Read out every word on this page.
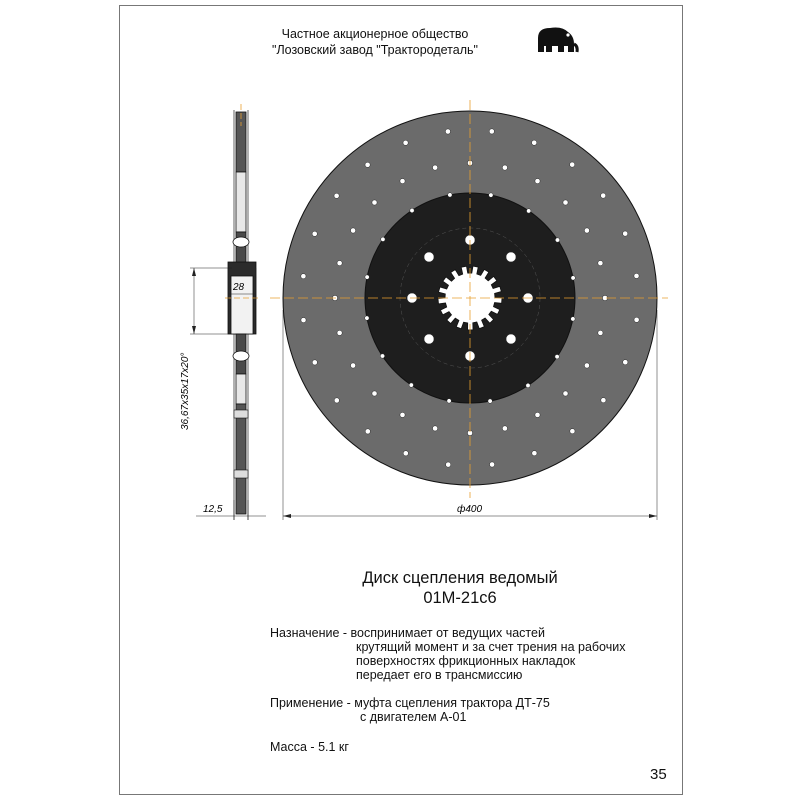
Частное акционерное общество
"Лозовский завод "Трактородеталь"
28
36,67x35x17x20°
12,5	ф400
Диск сцепления ведомый
01М-21с6
Назначение - воспринимает от ведущих частей
крутящий момент и за счет трения на рабочих
поверхностях фрикционных накладок
передает его в трансмиссию
Применение - муфта сцепления трактора ДТ-75
с двигателем А-01
Масса - 5.1 кг
35
